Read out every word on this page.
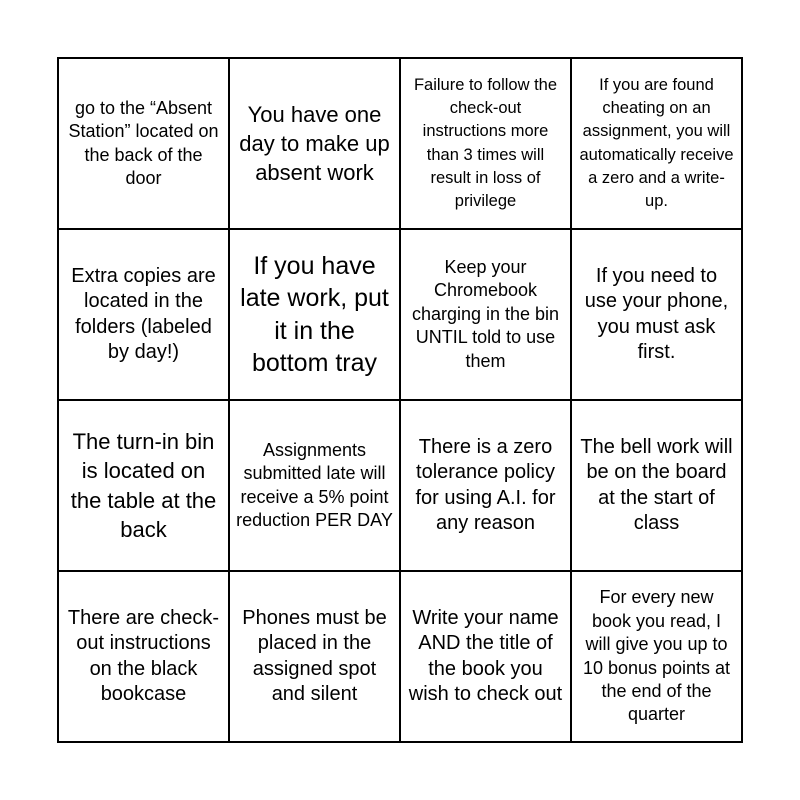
go to the “Absent Station” located on the back of the door
You have one day to make up absent work
Failure to follow the check-out instructions more than 3 times will result in loss of privilege
If you are found cheating on an assignment, you will automatically receive a zero and a write-up.
Extra copies are located in the folders (labeled by day!)
If you have late work, put it in the bottom tray
Keep your Chromebook charging in the bin UNTIL told to use them
If you need to use your phone, you must ask first.
The turn-in bin is located on the table at the back
Assignments submitted late will receive a 5% point reduction PER DAY
There is a zero tolerance policy for using A.I. for any reason
The bell work will be on the board at the start of class
There are check-out instructions on the black bookcase
Phones must be placed in the assigned spot and silent
Write your name AND the title of the book you wish to check out
For every new book you read, I will give you up to 10 bonus points at the end of the quarter
